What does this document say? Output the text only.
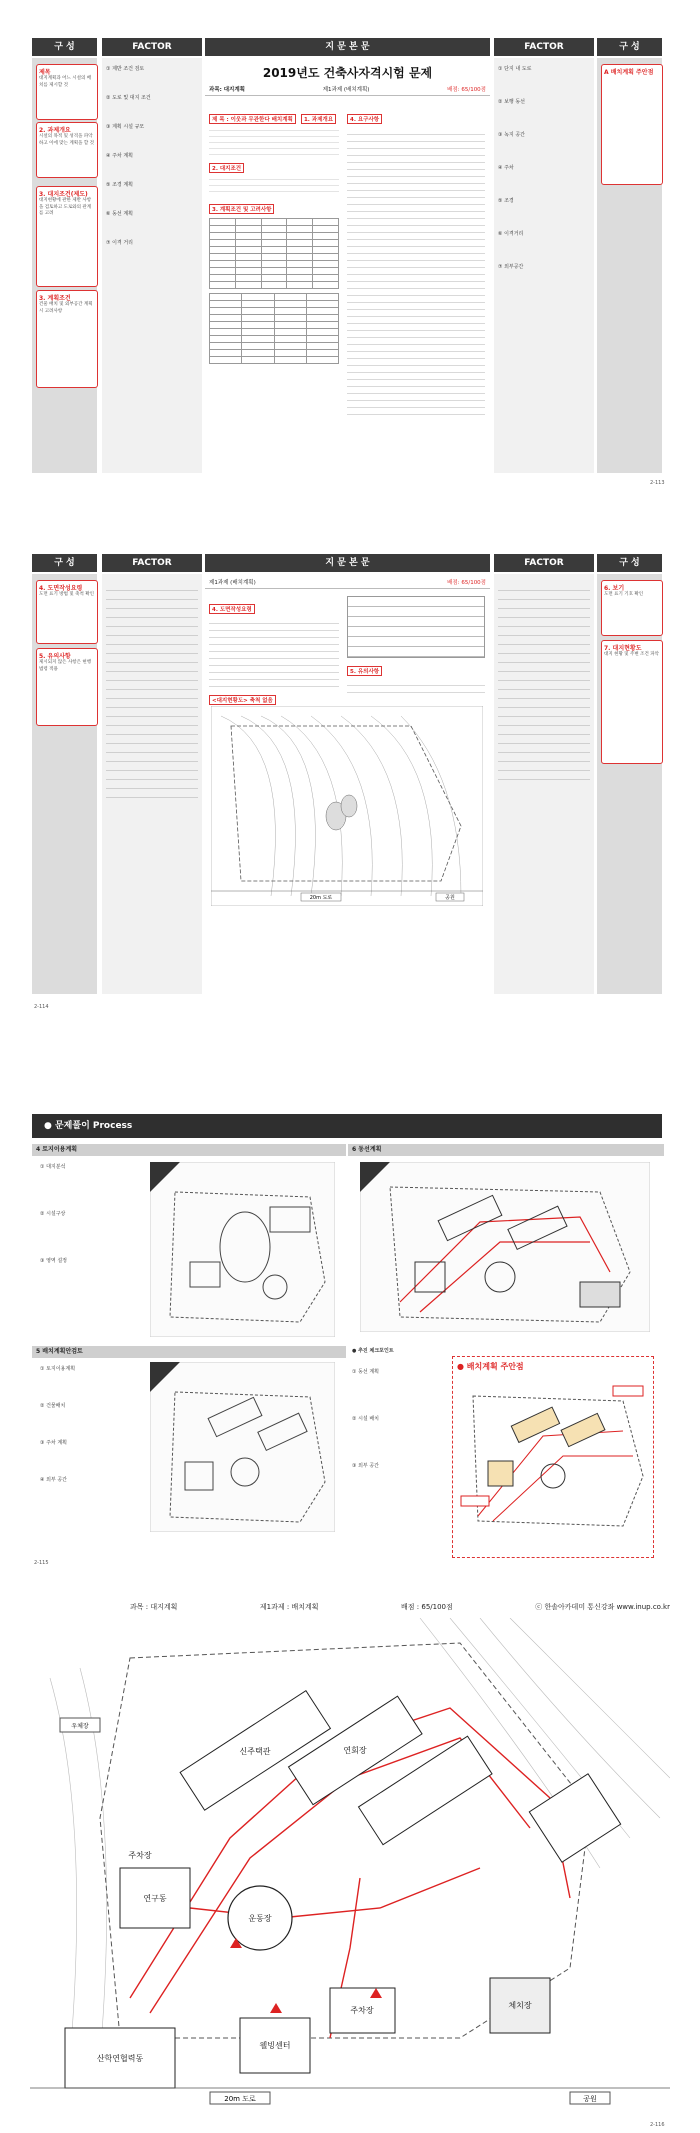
구 성	FACTOR	지 문 본 문	FACTOR	구 성
제목
대지계획과 어느 시설의 배치를 제시할 것
2. 과제개요
시설의 목적 및 성격을 파악하고 이에 맞는 계획을 할 것
3. 대지조건(제도)
대지현황에 관한 제반 사항을 검토하고 도로와의 관계를 고려
3. 계획조건
건물 배치 및 외부공간 계획 시 고려사항
① 제반 조건 검토
② 도로 및 대지 조건
③ 계획 시설 규모
④ 주차 계획
⑤ 조경 계획
⑥ 동선 계획
⑦ 이격 거리
2019년도 건축사자격시험 문제
과목: 대지계획	제1과제 (배치계획)	배점: 65/100점
제 목 : 이웃과 무관한다 배치계획 1. 과제개요
2. 대지조건
3. 계획조건 및 고려사항

4. 요구사항
① 단지 내 도로
② 보행 동선
③ 녹지 공간
④ 주차
⑤ 조경
⑥ 이격거리
⑦ 외부공간
A 배치계획 주안점
2-113
구 성	FACTOR	지 문 본 문	FACTOR	구 성
4. 도면작성요령
도면 표기 방법 및 축척 확인
5. 유의사항
제시되지 않은 사항은 현행 법령 적용
제1과제 (배치계획)	배점: 65/100점
4. 도면작성요령
<대지현황도> 축척 없음
5. 유의사항
20m 도로	공원
6. 보기
도면 표기 기호 확인
7. 대지현황도
대지 현황 및 주변 조건 파악
2-114
● 문제풀이 Process
4 토지이용계획	6 동선계획
5 배치계획안검토
① 대지분석
② 시설구상
③ 영역 설정
① 토지이용계획
② 건물배치
③ 주차 계획
④ 외부 공간
● 추진 체크포인트
① 동선 계획
② 시설 배치
③ 외부 공간
● 배치계획 주안점
2-115
과목 : 대지계획	제1과제 : 배치계획	배점 : 65/100점	ⓒ 한솔아카데미 통신강좌 www.inup.co.kr
연구동
운동장
신주택관
주차장
산학연협력동
웰빙센터
연회장
주차장
체치장
20m 도로	공원
우체장
2-116
